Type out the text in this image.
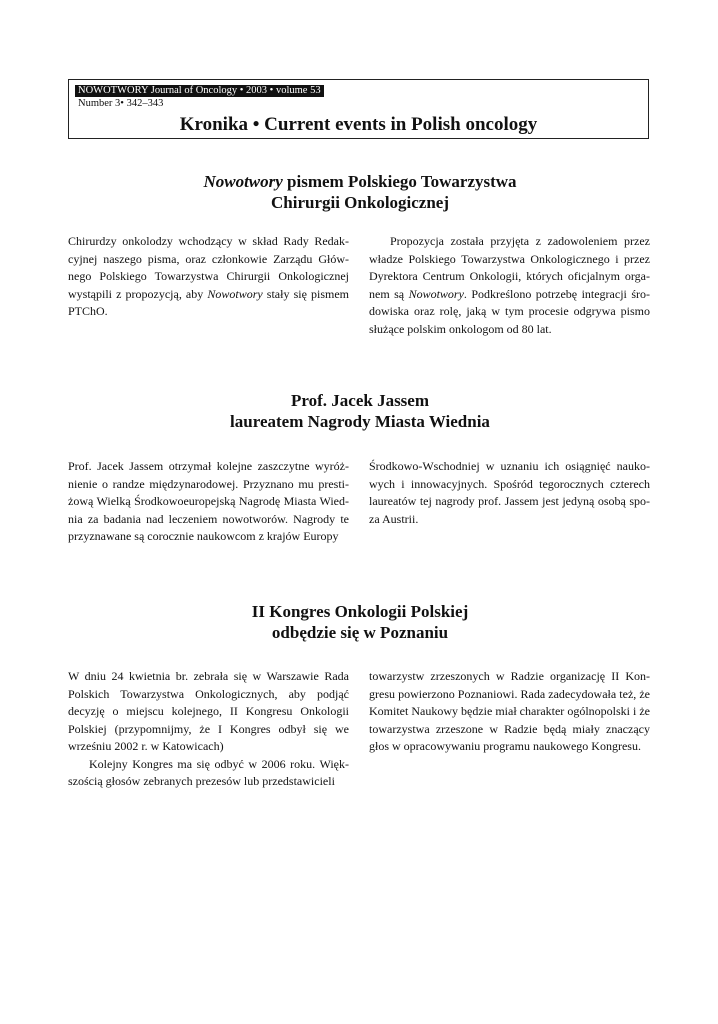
NOWOTWORY Journal of Oncology • 2003 • volume 53
Number 3• 342–343
Kronika • Current events in Polish oncology
Nowotwory pismem Polskiego Towarzystwa
Chirurgii Onkologicznej

Chirurdzy onkolodzy wchodzący w skład Rady Redakcyjnej naszego pisma, oraz członkowie Zarządu Głównego Polskiego Towarzystwa Chirurgii Onkologicznej wystąpili z propozycją, aby Nowotwory stały się pismem PTChO.

Propozycja została przyjęta z zadowoleniem przez władze Polskiego Towarzystwa Onkologicznego i przez Dyrektora Centrum Onkologii, których oficjalnym organem są Nowotwory. Podkreślono potrzebę integracji środowiska oraz rolę, jaką w tym procesie odgrywa pismo służące polskim onkologom od 80 lat.

Prof. Jacek Jassem
laureatem Nagrody Miasta Wiednia

Prof. Jacek Jassem otrzymał kolejne zaszczytne wyróżnienie o randze międzynarodowej. Przyznano mu prestiżową Wielką Środkowoeuropejską Nagrodę Miasta Wiednia za badania nad leczeniem nowotworów. Nagrody te przyznawane są corocznie naukowcom z krajów Europy

Środkowo-Wschodniej w uznaniu ich osiągnięć naukowych i innowacyjnych. Spośród tegorocznych czterech laureatów tej nagrody prof. Jassem jest jedyną osobą spoza Austrii.

II Kongres Onkologii Polskiej
odbędzie się w Poznaniu

W dniu 24 kwietnia br. zebrała się w Warszawie Rada Polskich Towarzystwa Onkologicznych, aby podjąć decyzję o miejscu kolejnego, II Kongresu Onkologii Polskiej (przypomnijmy, że I Kongres odbył się we wrześniu 2002 r. w Katowicach)

Kolejny Kongres ma się odbyć w 2006 roku. Większością głosów zebranych prezesów lub przedstawicieli

towarzystw zrzeszonych w Radzie organizację II Kongresu powierzono Poznaniowi. Rada zadecydowała też, że Komitet Naukowy będzie miał charakter ogólnopolski i że towarzystwa zrzeszone w Radzie będą miały znaczący głos w opracowywaniu programu naukowego Kongresu.
